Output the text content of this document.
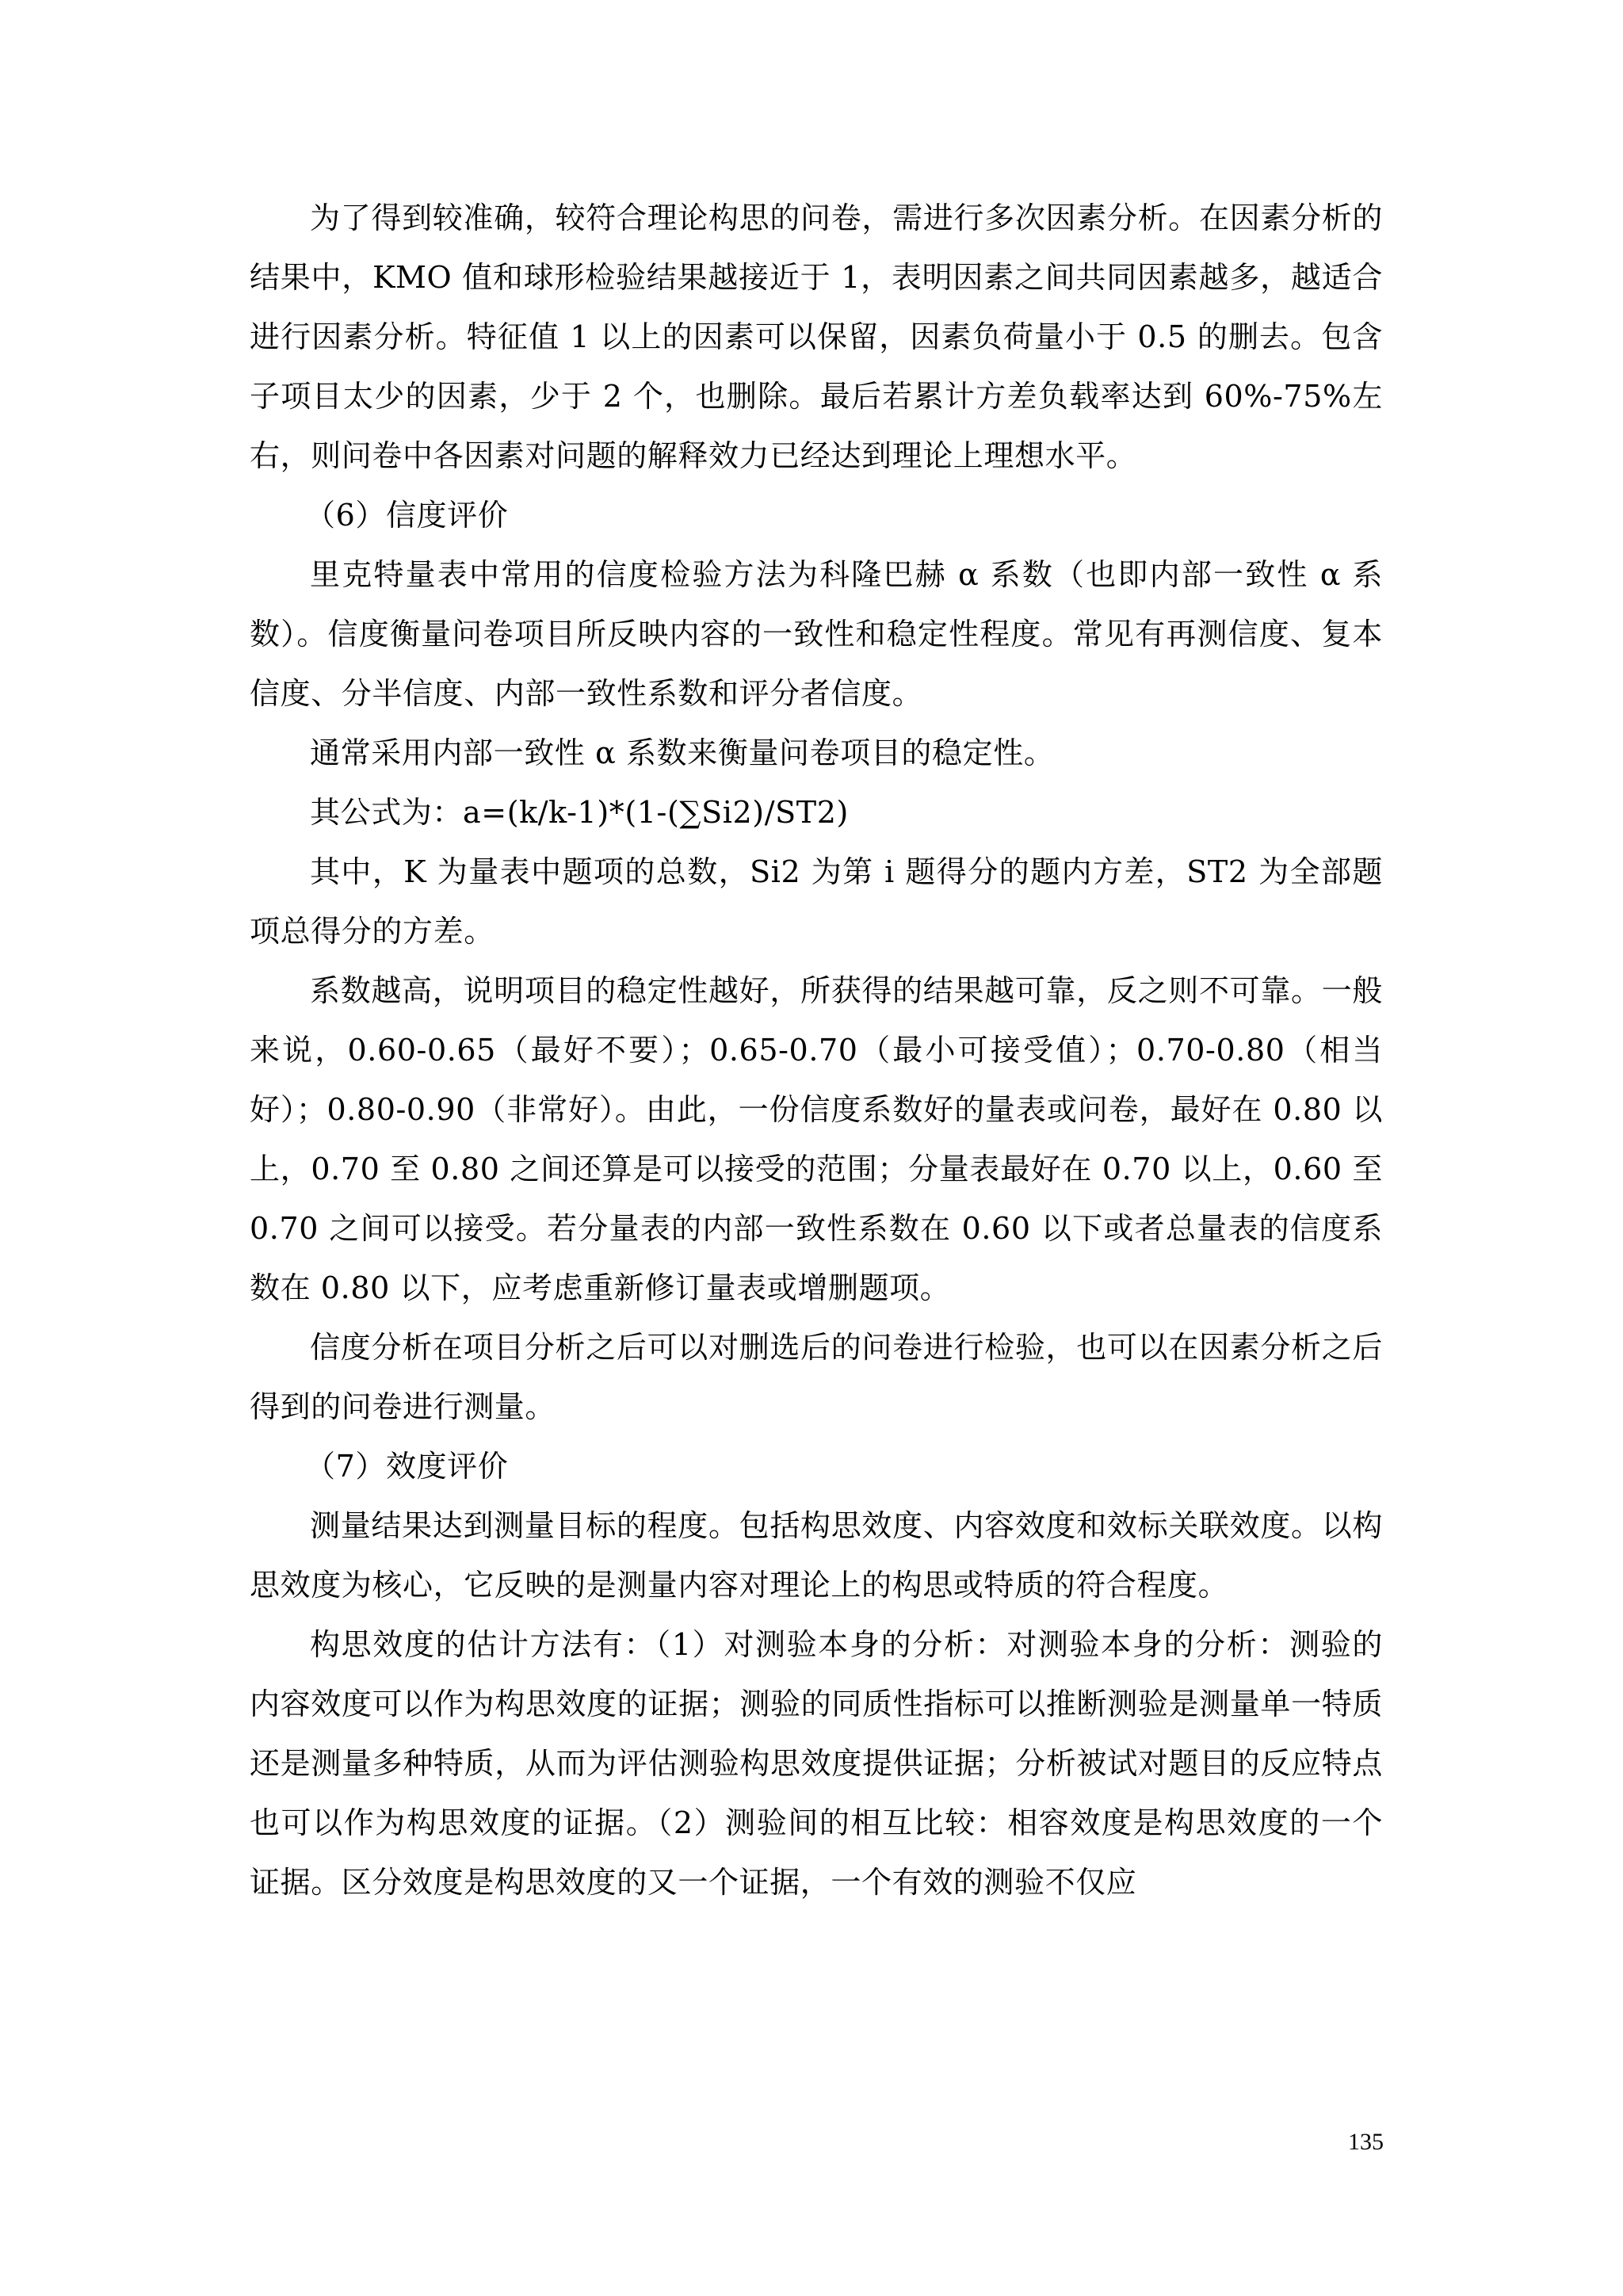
为了得到较准确，较符合理论构思的问卷，需进行多次因素分析。在因素分析的结果中，KMO 值和球形检验结果越接近于 1，表明因素之间共同因素越多，越适合进行因素分析。特征值 1 以上的因素可以保留，因素负荷量小于 0.5 的删去。包含子项目太少的因素，少于 2 个，也删除。最后若累计方差负载率达到 60%-75%左右，则问卷中各因素对问题的解释效力已经达到理论上理想水平。

（6）信度评价

里克特量表中常用的信度检验方法为科隆巴赫 α 系数（也即内部一致性 α 系数）。信度衡量问卷项目所反映内容的一致性和稳定性程度。常见有再测信度、复本信度、分半信度、内部一致性系数和评分者信度。

通常采用内部一致性 α 系数来衡量问卷项目的稳定性。

其公式为：a=(k/k-1)*(1-(∑Si2)/ST2)

其中，K 为量表中题项的总数，Si2 为第 i 题得分的题内方差，ST2 为全部题项总得分的方差。

系数越高，说明项目的稳定性越好，所获得的结果越可靠，反之则不可靠。一般来说，0.60-0.65（最好不要）；0.65-0.70（最小可接受值）；0.70-0.80（相当好）；0.80-0.90（非常好）。由此，一份信度系数好的量表或问卷，最好在 0.80 以上，0.70 至 0.80 之间还算是可以接受的范围；分量表最好在 0.70 以上，0.60 至 0.70 之间可以接受。若分量表的内部一致性系数在 0.60 以下或者总量表的信度系数在 0.80 以下，应考虑重新修订量表或增删题项。

信度分析在项目分析之后可以对删选后的问卷进行检验，也可以在因素分析之后得到的问卷进行测量。

（7）效度评价

测量结果达到测量目标的程度。包括构思效度、内容效度和效标关联效度。以构思效度为核心，它反映的是测量内容对理论上的构思或特质的符合程度。

构思效度的估计方法有：（1）对测验本身的分析：对测验本身的分析：测验的内容效度可以作为构思效度的证据；测验的同质性指标可以推断测验是测量单一特质还是测量多种特质，从而为评估测验构思效度提供证据；分析被试对题目的反应特点也可以作为构思效度的证据。（2）测验间的相互比较：相容效度是构思效度的一个证据。区分效度是构思效度的又一个证据，一个有效的测验不仅应

135
